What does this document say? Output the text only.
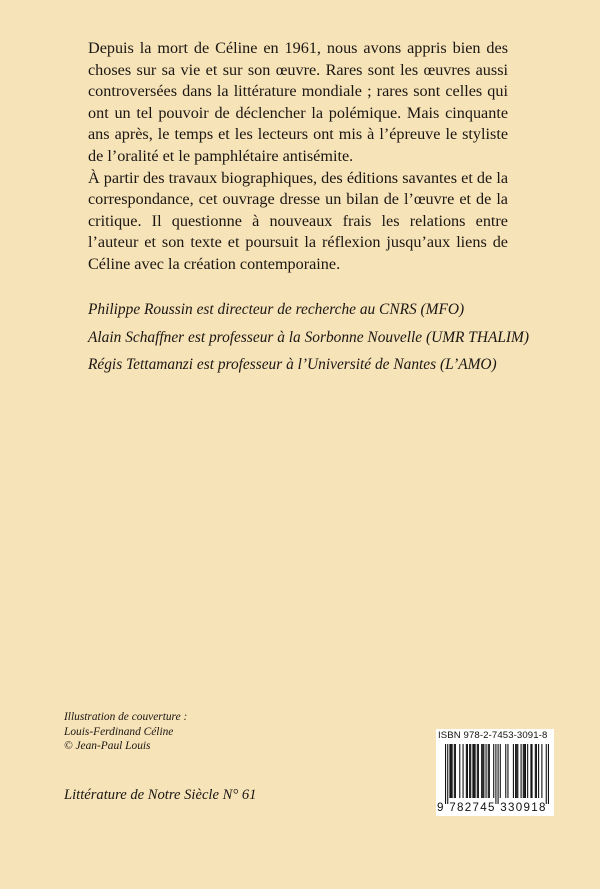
Depuis la mort de Céline en 1961, nous avons appris bien des choses sur sa vie et sur son œuvre. Rares sont les œuvres aussi controversées dans la littérature mondiale ; rares sont celles qui ont un tel pouvoir de déclencher la polémique. Mais cinquante ans après, le temps et les lecteurs ont mis à l’épreuve le styliste de l’oralité et le pamphlétaire antisémite.

À partir des travaux biographiques, des éditions savantes et de la correspondance, cet ouvrage dresse un bilan de l’œuvre et de la critique. Il questionne à nouveaux frais les relations entre l’auteur et son texte et poursuit la réflexion jusqu’aux liens de Céline avec la création contemporaine.

Philippe Roussin est directeur de recherche au CNRS (MFO)
Alain Schaffner est professeur à la Sorbonne Nouvelle (UMR THALIM)
Régis Tettamanzi est professeur à l’Université de Nantes (L’AMO)
Illustration de couverture :
Louis-Ferdinand Céline
© Jean-Paul Louis
Littérature de Notre Siècle N° 61
ISBN 978-2-7453-3091-8
9 782745 330918
